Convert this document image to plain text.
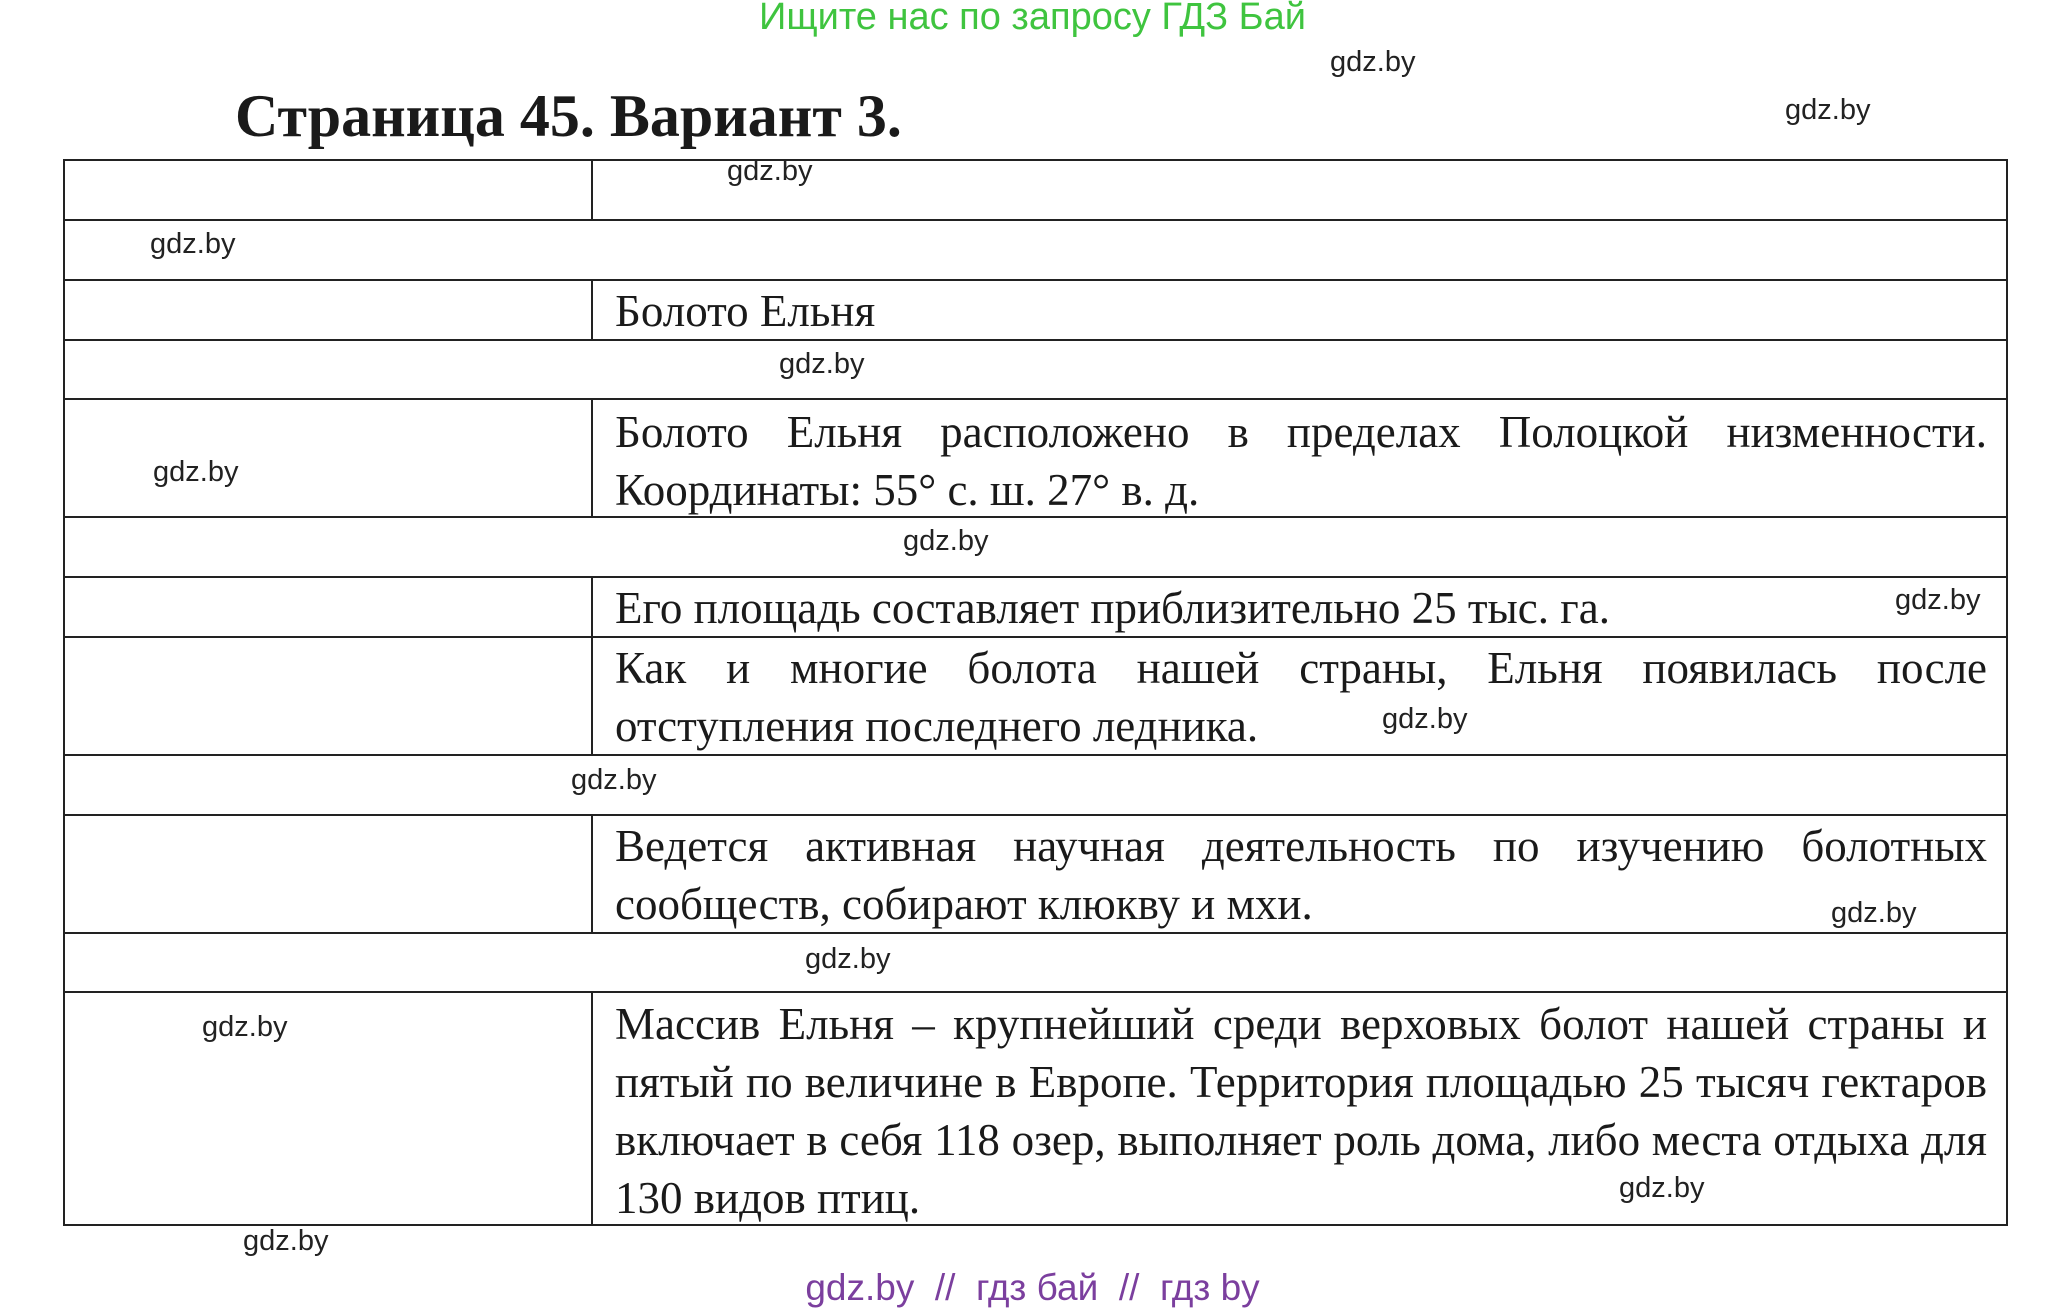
Ищите нас по запросу ГДЗ Бай
Страница 45. Вариант 3.
Болото Ельня
Болото Ельня расположено в пределах Полоцкой низменности. Координаты: 55° с. ш. 27° в. д.
Его площадь составляет приблизительно 25 тыс. га.
Как и многие болота нашей страны, Ельня появилась после отступления последнего ледника.
Ведется активная научная деятельность по изучению болотных сообществ, собирают клюкву и мхи.
Массив Ельня – крупнейший среди верховых болот нашей страны и пятый по величине в Европе. Территория площадью 25 тысяч гектаров включает в себя 118 озер, выполняет роль дома, либо места отдыха для 130 видов птиц.
gdz.by
gdz.by
gdz.by
gdz.by
gdz.by
gdz.by
gdz.by
gdz.by
gdz.by
gdz.by
gdz.by
gdz.by
gdz.by
gdz.by
gdz.by
gdz.by  //  гдз бай  //  гдз by
